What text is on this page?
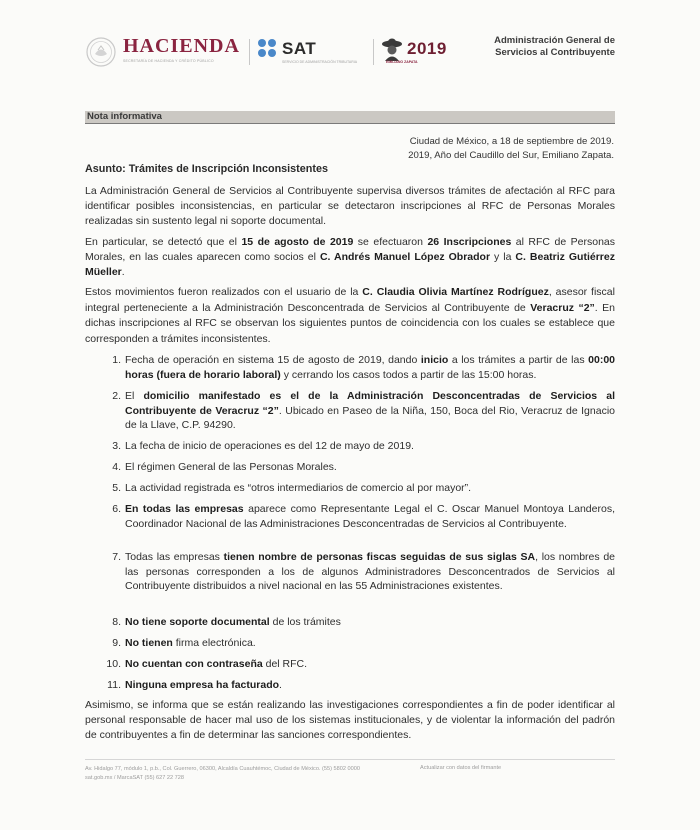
HACIENDA
SECRETARÍA DE HACIENDA Y CRÉDITO PÚBLICO
SAT
SERVICIO DE ADMINISTRACIÓN TRIBUTARIA
2019
EMILIANO ZAPATA
Administración General de
Servicios al Contribuyente
Nota informativa
Ciudad de México, a 18 de septiembre de 2019.
2019, Año del Caudillo del Sur, Emiliano Zapata.
Asunto: Trámites de Inscripción Inconsistentes
La Administración General de Servicios al Contribuyente supervisa diversos trámites de afectación al RFC para identificar posibles inconsistencias, en particular se detectaron inscripciones al RFC de Personas Morales realizadas sin sustento legal ni soporte documental.
En particular, se detectó que el 15 de agosto de 2019 se efectuaron 26 Inscripciones al RFC de Personas Morales, en las cuales aparecen como socios el C. Andrés Manuel López Obrador y la C. Beatriz Gutiérrez Müeller.
Estos movimientos fueron realizados con el usuario de la C. Claudia Olivia Martínez Rodríguez, asesor fiscal integral perteneciente a la Administración Desconcentrada de Servicios al Contribuyente de Veracruz “2”. En dichas inscripciones al RFC se observan los siguientes puntos de coincidencia con los cuales se establece que corresponden a trámites inconsistentes.
1. Fecha de operación en sistema 15 de agosto de 2019, dando inicio a los trámites a partir de las 00:00 horas (fuera de horario laboral) y cerrando los casos todos a partir de las 15:00 horas.
2. El domicilio manifestado es el de la Administración Desconcentradas de Servicios al Contribuyente de Veracruz “2”. Ubicado en Paseo de la Niña, 150, Boca del Rio, Veracruz de Ignacio de la Llave, C.P. 94290.
3. La fecha de inicio de operaciones es del 12 de mayo de 2019.
4. El régimen General de las Personas Morales.
5. La actividad registrada es “otros intermediarios de comercio al por mayor”.
6. En todas las empresas aparece como Representante Legal el C. Oscar Manuel Montoya Landeros, Coordinador Nacional de las Administraciones Desconcentradas de Servicios al Contribuyente.
7. Todas las empresas tienen nombre de personas fiscas seguidas de sus siglas SA, los nombres de las personas corresponden a los de algunos Administradores Desconcentrados de Servicios al Contribuyente distribuidos a nivel nacional en las 55 Administraciones existentes.
8. No tiene soporte documental de los trámites
9. No tienen firma electrónica.
10. No cuentan con contraseña del RFC.
11. Ninguna empresa ha facturado.
Asimismo, se informa que se están realizando las investigaciones correspondientes a fin de poder identificar al personal responsable de hacer mal uso de los sistemas institucionales, y de violentar la información del padrón de contribuyentes a fin de determinar las sanciones correspondientes.
Av. Hidalgo 77, módulo 1, p.b., Col. Guerrero, 06300, Alcaldía Cuauhtémoc, Ciudad de México. (55) 5802 0000
sat.gob.mx / MarcaSAT (55) 627 22 728
Actualizar con datos del firmante
